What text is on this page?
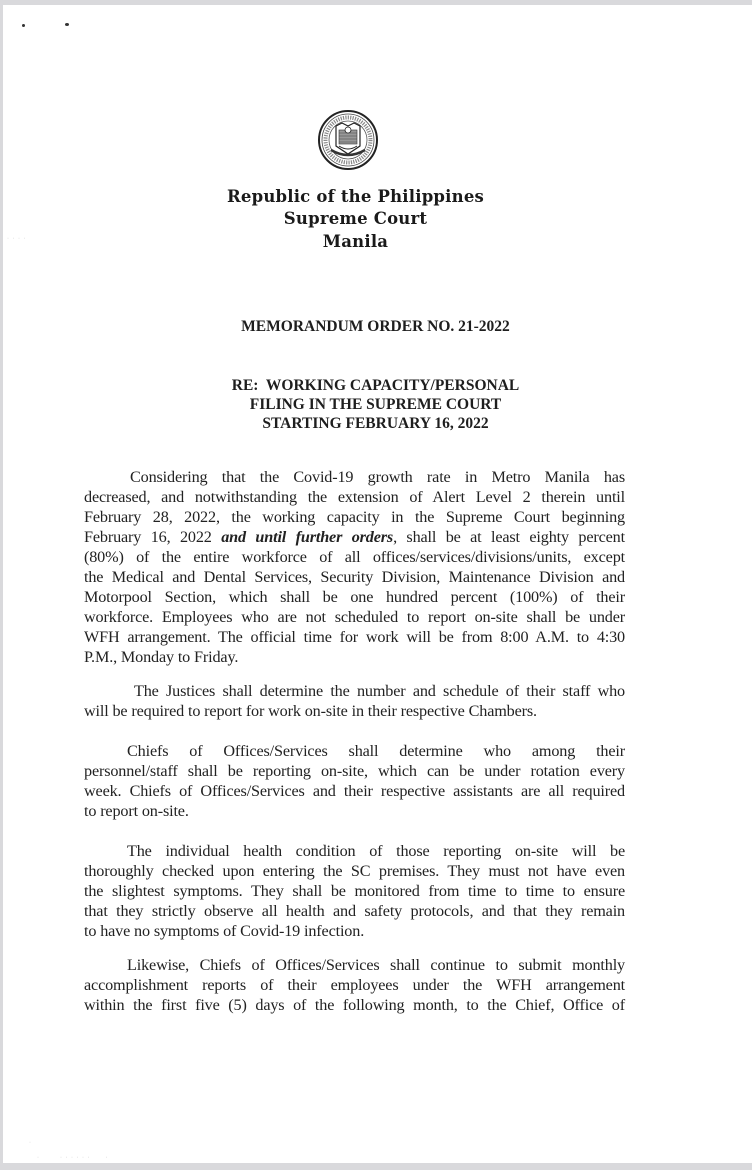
Republic of the Philippines
Supreme Court
Manila
· · · ·
MEMORANDUM ORDER NO. 21-2022
RE:  WORKING CAPACITY/PERSONAL
FILING IN THE SUPREME COURT
STARTING FEBRUARY 16, 2022
Considering that the Covid-19 growth rate in Metro Manila has
decreased, and notwithstanding the extension of Alert Level 2 therein until
February 28, 2022, the working capacity in the Supreme Court beginning
February 16, 2022 and until further orders, shall be at least eighty percent
(80%) of the entire workforce of all offices/services/divisions/units, except
the Medical and Dental Services, Security Division, Maintenance Division and
Motorpool Section, which shall be one hundred percent (100%) of their
workforce. Employees who are not scheduled to report on-site shall be under
WFH arrangement. The official time for work will be from 8:00 A.M. to 4:30
P.M., Monday to Friday.
The Justices shall determine the number and schedule of their staff who
will be required to report for work on-site in their respective Chambers.
Chiefs of Offices/Services shall determine who among their
personnel/staff shall be reporting on-site, which can be under rotation every
week. Chiefs of Offices/Services and their respective assistants are all required
to report on-site.
The individual health condition of those reporting on-site will be
thoroughly checked upon entering the SC premises. They must not have even
the slightest symptoms. They shall be monitored from time to time to ensure
that they strictly observe all health and safety protocols, and that they remain
to have no symptoms of Covid-19 infection.
Likewise, Chiefs of Offices/Services shall continue to submit monthly
accomplishment reports of their employees under the WFH arrangement
within the first five (5) days of the following month, to the Chief, Office of
·
·        · · · · · ·      ·
